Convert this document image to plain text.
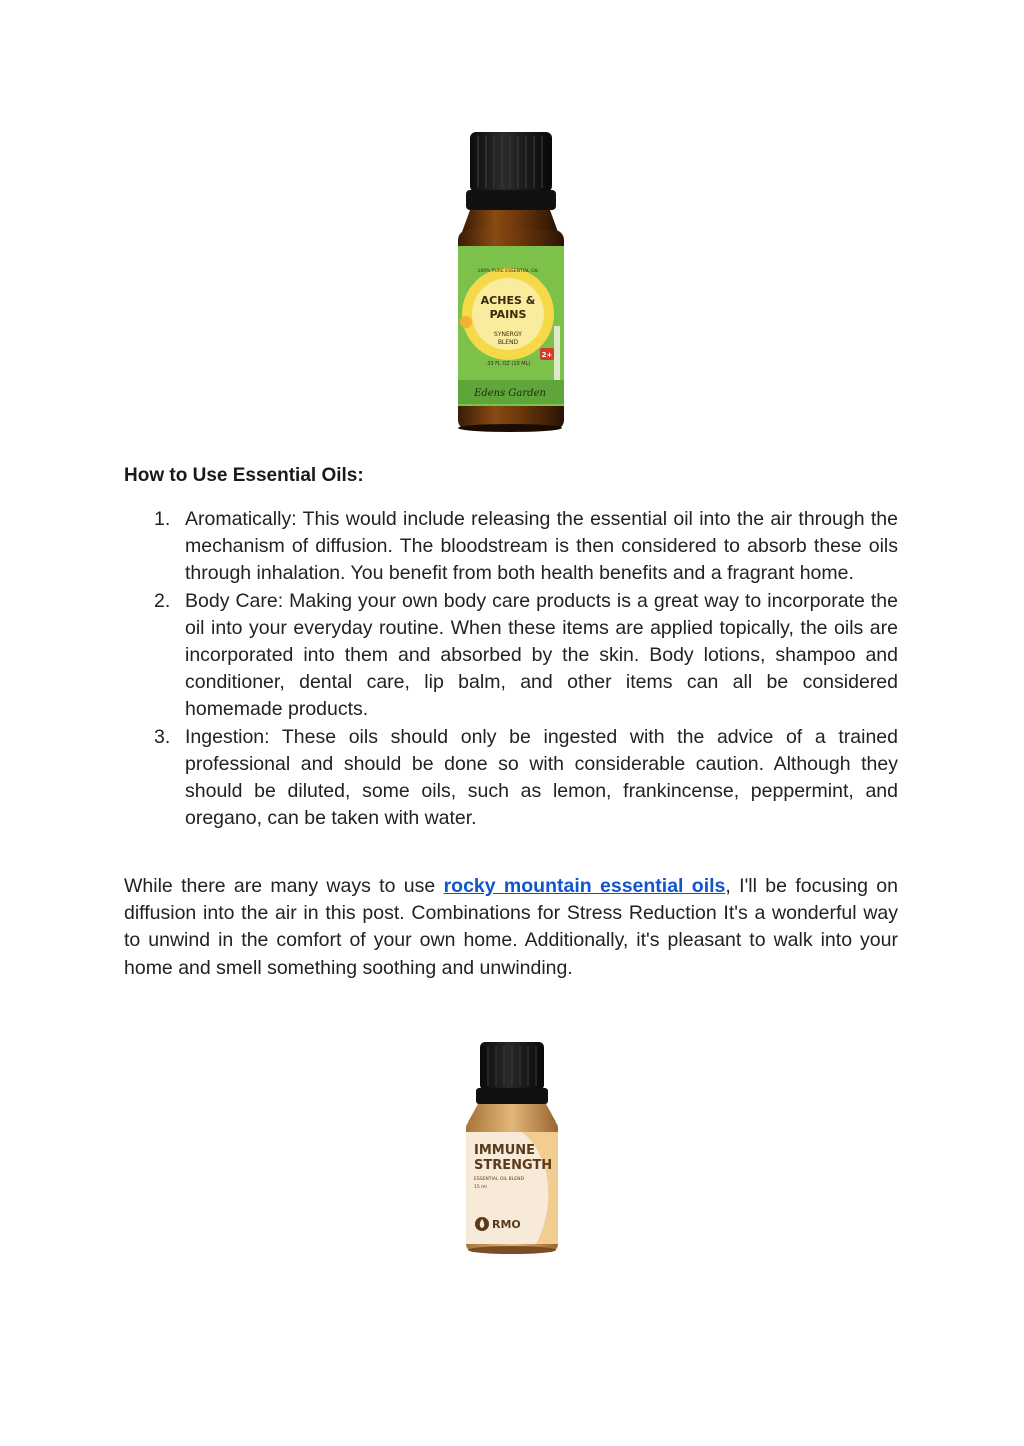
ACHES &
PAINS
SYNERGY
BLEND
100% PURE ESSENTIAL OIL
.33 FL OZ (10 ML)
2+
Edens Garden
How to Use Essential Oils:
1. Aromatically: This would include releasing the essential oil into the air through the mechanism of diffusion. The bloodstream is then considered to absorb these oils through inhalation. You benefit from both health benefits and a fragrant home.
2. Body Care: Making your own body care products is a great way to incorporate the oil into your everyday routine. When these items are applied topically, the oils are incorporated into them and absorbed by the skin. Body lotions, shampoo and conditioner, dental care, lip balm, and other items can all be considered homemade products.
3. Ingestion: These oils should only be ingested with the advice of a trained professional and should be done so with considerable caution. Although they should be diluted, some oils, such as lemon, frankincense, peppermint, and oregano, can be taken with water.

While there are many ways to use rocky mountain essential oils, I'll be focusing on diffusion into the air in this post. Combinations for Stress Reduction It's a wonderful way to unwind in the comfort of your own home. Additionally, it's pleasant to walk into your home and smell something soothing and unwinding.

IMMUNE
STRENGTH
ESSENTIAL OIL BLEND
15 ml
RMO
